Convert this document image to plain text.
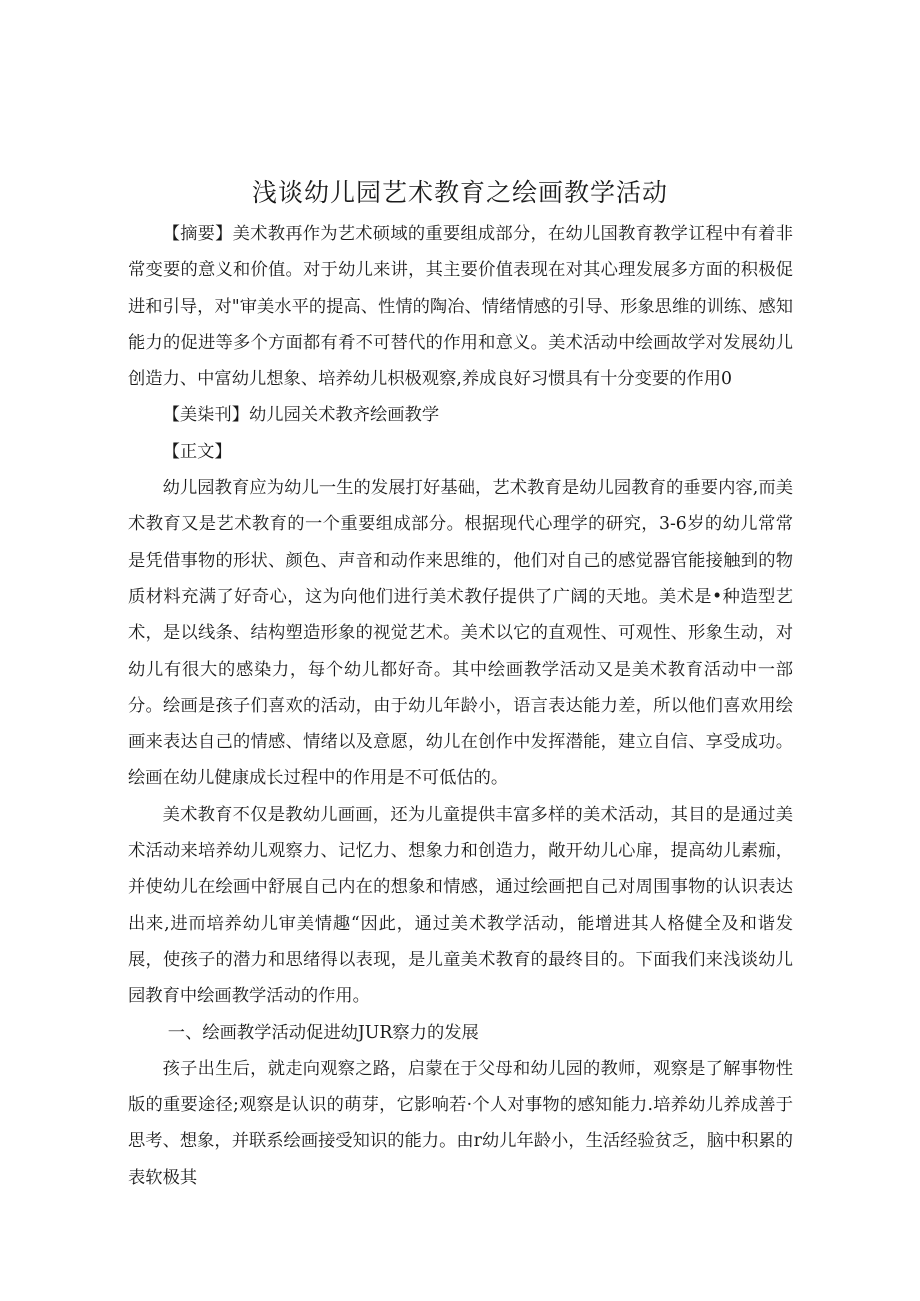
浅谈幼儿园艺术教育之绘画教学活动

【摘要】美术教再作为艺术硕域的重要组成部分，在幼儿国教育教学讧程中有着非常变要的意义和价值。对于幼儿来讲，其主要价值表现在对其心理发展多方面的积极促进和引导，对"审美水平的提高、性情的陶冶、情绪情感的引导、形象思维的训练、感知能力的促进等多个方面都有肴不可替代的作用和意义。美术活动中绘画故学对发展幼儿创造力、中富幼儿想象、培养幼儿枳极观察,养成良好习惯具有十分变要的作用0

【美柒刊】幼儿园关术教齐绘画教学

【正文】

幼儿园教育应为幼儿一生的发展打好基础，艺术教育是幼儿园教育的垂要内容,而美术教育又是艺术教育的一个重要组成部分。根据现代心理学的研究，3-6岁的幼儿常常是凭借事物的形状、颜色、声音和动作来思维的，他们对自己的感觉器官能接触到的物质材料充满了好奇心，这为向他们进行美术教仔提供了广阔的天地。美术是•种造型艺术，是以线条、结构塑造形象的视觉艺术。美术以它的直观性、可观性、形象生动，对幼儿有很大的感染力，每个幼儿都好奇。其中绘画教学活动又是美术教育活动中一部分。绘画是孩子们喜欢的活动，由于幼儿年龄小，语言表达能力差，所以他们喜欢用绘画来表达自己的情感、情绪以及意愿，幼儿在创作中发挥潜能，建立自信、享受成功。绘画在幼儿健康成长过程中的作用是不可低估的。

美术教育不仅是教幼儿画画，还为儿童提供丰富多样的美术活动，其目的是通过美术活动来培养幼儿观察力、记忆力、想象力和创造力，敞开幼儿心扉，提高幼儿素痂，并使幼儿在绘画中舒展自己内在的想象和情感，通过绘画把自己对周围事物的认识表达出来,进而培养幼儿审美情趣“因此，通过美术教学活动，能增进其人格健全及和谐发展，使孩子的潜力和思绪得以表现，是儿童美术教育的最终目的。下面我们来浅谈幼儿园教育中绘画教学活动的作用。

一、绘画教学活动促进幼JUR察力的发展

孩子出生后，就走向观察之路，启蒙在于父母和幼儿园的教师，观察是了解事物性版的重要途径;观察是认识的萌芽，它影响若·个人对事物的感知能力.培养幼儿养成善于思考、想象，并联系绘画接受知识的能力。由r幼儿年龄小，生活经验贫乏，脑中积累的表软极其
